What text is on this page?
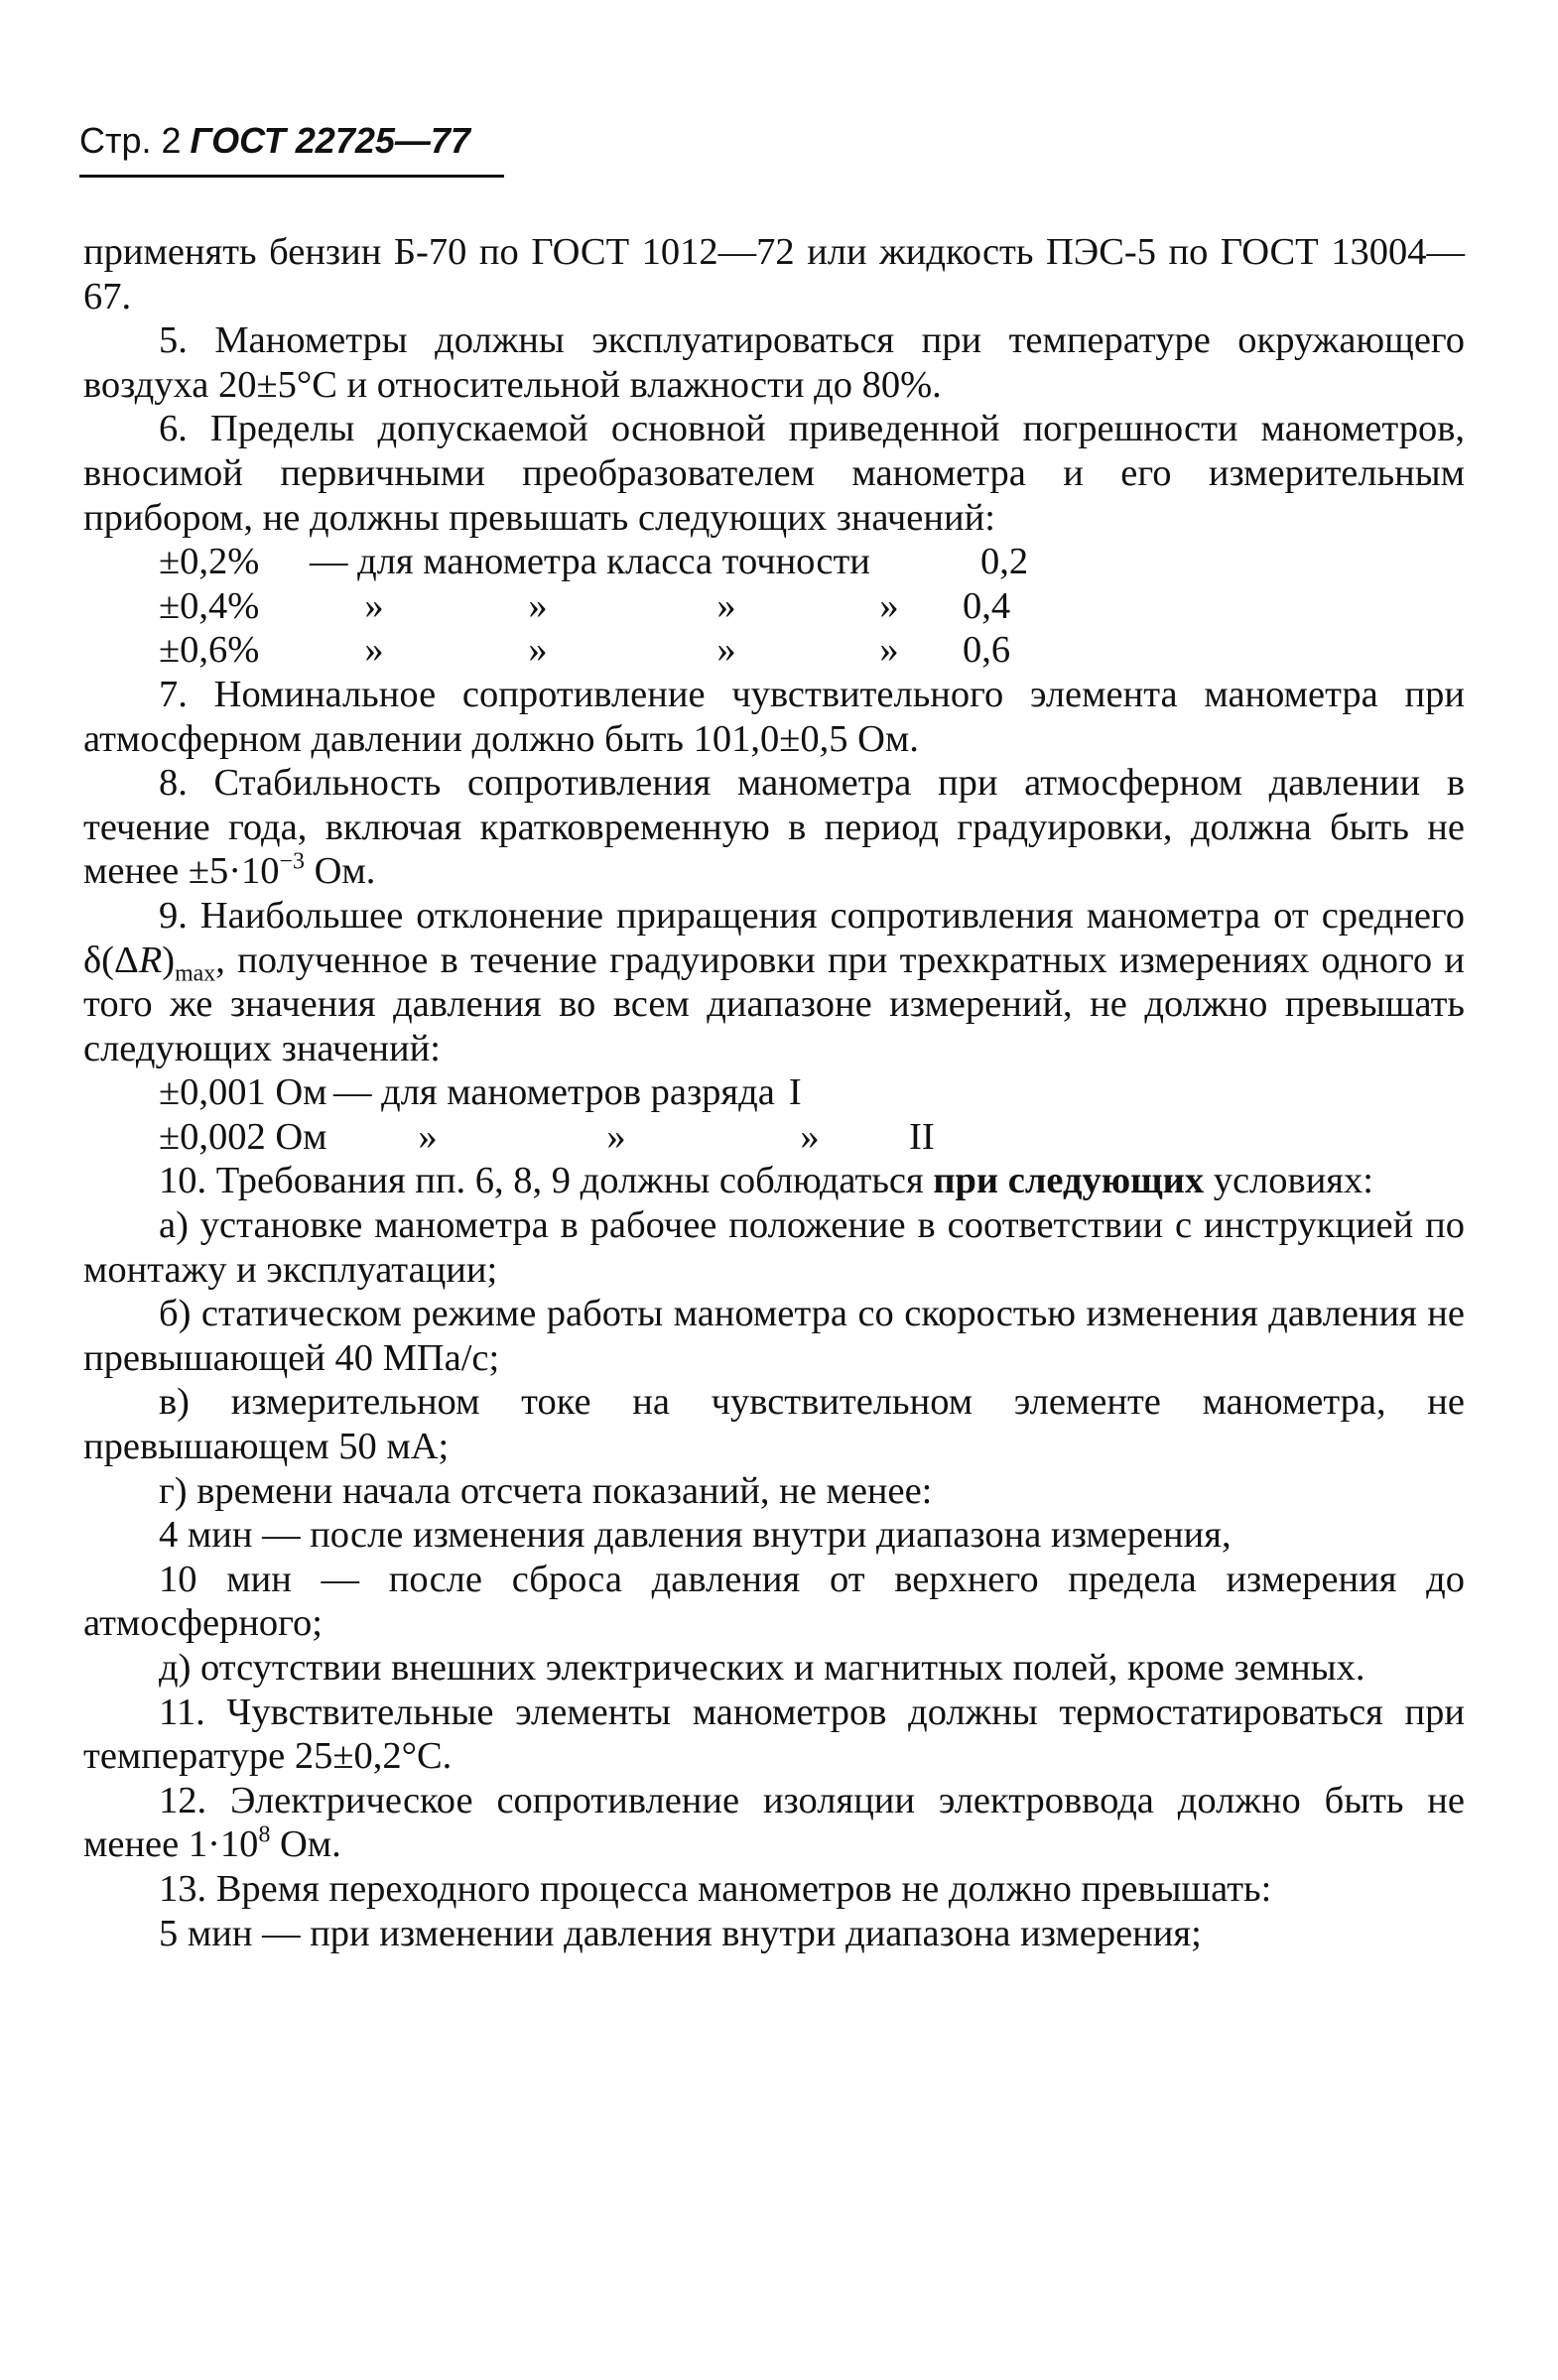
Стр. 2 ГОСТ 22725—77

применять бензин Б-70 по ГОСТ 1012—72 или жидкость ПЭС-5 по ГОСТ 13004—67.

5. Манометры должны эксплуатироваться при температуре окружающего воздуха 20±5°С и относительной влажности до 80%.

6. Пределы допускаемой основной приведенной погрешности манометров, вносимой первичными преобразователем манометра и его измерительным прибором, не должны превышать следующих значений:

±0,2%	— для манометра класса точности	0,2
±0,4%	»	»	»	»	0,4
±0,6%	»	»	»	»	0,6

7. Номинальное сопротивление чувствительного элемента манометра при атмосферном давлении должно быть 101,0±0,5 Ом.

8. Стабильность сопротивления манометра при атмосферном давлении в течение года, включая кратковременную в период градуировки, должна быть не менее $\pm 5\cdot 10^{-3}$ Ом.

9. Наибольшее отклонение приращения сопротивления манометра от среднего $\delta(\Delta R)_{max}$, полученное в течение градуировки при трехкратных измерениях одного и того же значения давления во всем диапазоне измерений, не должно превышать следующих значений:

±0,001 Ом — для манометров разряда I
±0,002 Ом	»	»	»	II

10. Требования пп. 6, 8, 9 должны соблюдаться при следующих условиях:

а) установке манометра в рабочее положение в соответствии с инструкцией по монтажу и эксплуатации;

б) статическом режиме работы манометра со скоростью изменения давления не превышающей 40 МПа/с;

в) измерительном токе на чувствительном элементе манометра, не превышающем 50 мА;

г) времени начала отсчета показаний, не менее:

4 мин — после изменения давления внутри диапазона измерения,

10 мин — после сброса давления от верхнего предела измерения до атмосферного;

д) отсутствии внешних электрических и магнитных полей, кроме земных.

11. Чувствительные элементы манометров должны термостатироваться при температуре 25±0,2°С.

12. Электрическое сопротивление изоляции электроввода должно быть не менее $1\cdot 10^8$ Ом.

13. Время переходного процесса манометров не должно превышать:

5 мин — при изменении давления внутри диапазона измерения;
